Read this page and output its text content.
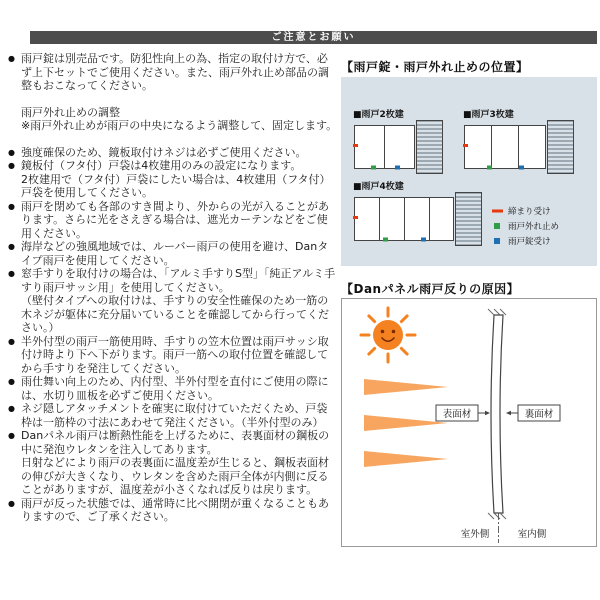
ご注意とお願い
● 雨戸錠は別売品です。防犯性向上の為、指定の取付け方で、必ず上下セットでご使用ください。また、雨戸外れ止め部品の調整もおこなってください。
雨戸外れ止めの調整
※雨戸外れ止めが雨戸の中央になるよう調整して、固定します。
● 強度確保のため、鏡板取付けネジは必ずご使用ください。
● 鏡板付（フタ付）戸袋は4枚建用のみの設定になります。
2枚建用で（フタ付）戸袋にしたい場合は、4枚建用（フタ付）戸袋を使用してください。
● 雨戸を閉めても各部のすき間より、外からの光が入ることがあります。さらに光をさえぎる場合は、遮光カーテンなどをご使用ください。
● 海岸などの強風地域では、ルーバー雨戸の使用を避け、Danタイプ雨戸を使用してください。
● 窓手すりを取付けの場合は、「アルミ手すりS型」「純正アルミ手すり雨戸サッシ用」を使用してください。
（壁付タイプへの取付けは、手すりの安全性確保のため一筋の木ネジが躯体に充分届いていることを確認してから行ってください。）
● 半外付型の雨戸一筋使用時、手すりの笠木位置は雨戸サッシ取付け時より下へ下がります。雨戸一筋への取付位置を確認してから手すりを発注してください。
● 雨仕舞い向上のため、内付型、半外付型を直付にご使用の際には、水切り皿板を必ずご使用ください。
● ネジ隠しアタッチメントを確実に取付けていただくため、戸袋枠は一筋枠の寸法にあわせて発注ください。（半外付型のみ）
● Danパネル雨戸は断熱性能を上げるために、表裏面材の鋼板の中に発泡ウレタンを注入してあります。
日射などにより雨戸の表裏面に温度差が生じると、鋼板表面材の伸びが大きくなり、ウレタンを含めた雨戸全体が内側に反ることがありますが、温度差が小さくなれば反りは戻ります。
● 雨戸が反った状態では、通常時に比べ開閉が重くなることもありますので、ご了承ください。
【雨戸錠・雨戸外れ止めの位置】
■雨戸2枚建	■雨戸3枚建
■雨戸4枚建
締まり受け
雨戸外れ止め
雨戸錠受け
【Danパネル雨戸反りの原因】
表面材	裏面材
室外側	室内側
